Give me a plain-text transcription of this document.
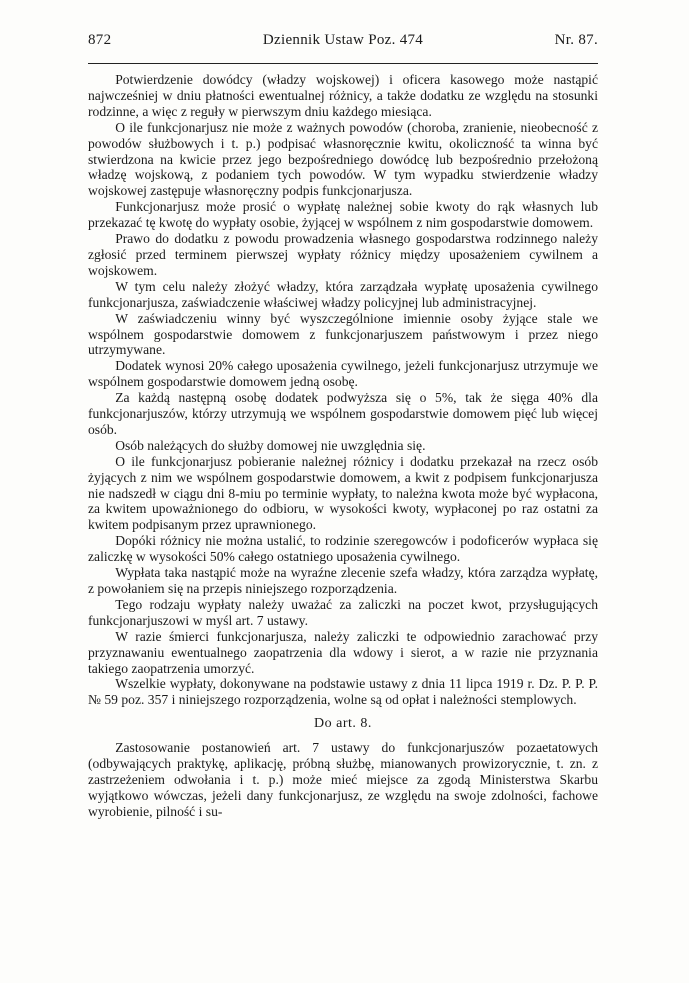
872	Dziennik Ustaw Poz. 474	Nr. 87.

Potwierdzenie dowódcy (władzy wojskowej) i oficera kasowego może nastąpić najwcześniej w dniu płatności ewentualnej różnicy, a także dodatku ze względu na stosunki rodzinne, a więc z reguły w pierwszym dniu każdego miesiąca.

O ile funkcjonarjusz nie może z ważnych powodów (choroba, zranienie, nieobecność z powodów służbowych i t. p.) podpisać własnoręcznie kwitu, okoliczność ta winna być stwierdzona na kwicie przez jego bezpośredniego dowódcę lub bezpośrednio przełożoną władzę wojskową, z podaniem tych powodów. W tym wypadku stwierdzenie władzy wojskowej zastępuje własnoręczny podpis funkcjonarjusza.

Funkcjonarjusz może prosić o wypłatę należnej sobie kwoty do rąk własnych lub przekazać tę kwotę do wypłaty osobie, żyjącej w wspólnem z nim gospodarstwie domowem.

Prawo do dodatku z powodu prowadzenia własnego gospodarstwa rodzinnego należy zgłosić przed terminem pierwszej wypłaty różnicy między uposażeniem cywilnem a wojskowem.

W tym celu należy złożyć władzy, która zarządzała wypłatę uposażenia cywilnego funkcjonarjusza, zaświadczenie właściwej władzy policyjnej lub administracyjnej.

W zaświadczeniu winny być wyszczególnione imiennie osoby żyjące stale we wspólnem gospodarstwie domowem z funkcjonarjuszem państwowym i przez niego utrzymywane.

Dodatek wynosi 20% całego uposażenia cywilnego, jeżeli funkcjonarjusz utrzymuje we wspólnem gospodarstwie domowem jedną osobę.

Za każdą następną osobę dodatek podwyższa się o 5%, tak że sięga 40% dla funkcjonarjuszów, którzy utrzymują we wspólnem gospodarstwie domowem pięć lub więcej osób.

Osób należących do służby domowej nie uwzględnia się.

O ile funkcjonarjusz pobieranie należnej różnicy i dodatku przekazał na rzecz osób żyjących z nim we wspólnem gospodarstwie domowem, a kwit z podpisem funkcjonarjusza nie nadszedł w ciągu dni 8-miu po terminie wypłaty, to należna kwota może być wypłacona, za kwitem upoważnionego do odbioru, w wysokości kwoty, wypłaconej po raz ostatni za kwitem podpisanym przez uprawnionego.

Dopóki różnicy nie można ustalić, to rodzinie szeregowców i podoficerów wypłaca się zaliczkę w wysokości 50% całego ostatniego uposażenia cywilnego.

Wypłata taka nastąpić może na wyraźne zlecenie szefa władzy, która zarządza wypłatę, z powołaniem się na przepis niniejszego rozporządzenia.

Tego rodzaju wypłaty należy uważać za zaliczki na poczet kwot, przysługujących funkcjonarjuszowi w myśl art. 7 ustawy.

W razie śmierci funkcjonarjusza, należy zaliczki te odpowiednio zarachować przy przyznawaniu ewentualnego zaopatrzenia dla wdowy i sierot, a w razie nie przyznania takiego zaopatrzenia umorzyć.

Wszelkie wypłaty, dokonywane na podstawie ustawy z dnia 11 lipca 1919 r. Dz. P. P. P. № 59 poz. 357 i niniejszego rozporządzenia, wolne są od opłat i należności stemplowych.

Do art. 8.

Zastosowanie postanowień art. 7 ustawy do funkcjonarjuszów pozaetatowych (odbywających praktykę, aplikację, próbną służbę, mianowanych prowizorycznie, t. zn. z zastrzeżeniem odwołania i t. p.) może mieć miejsce za zgodą Ministerstwa Skarbu wyjątkowo wówczas, jeżeli dany funkcjonarjusz, ze względu na swoje zdolności, fachowe wyrobienie, pilność i su-
